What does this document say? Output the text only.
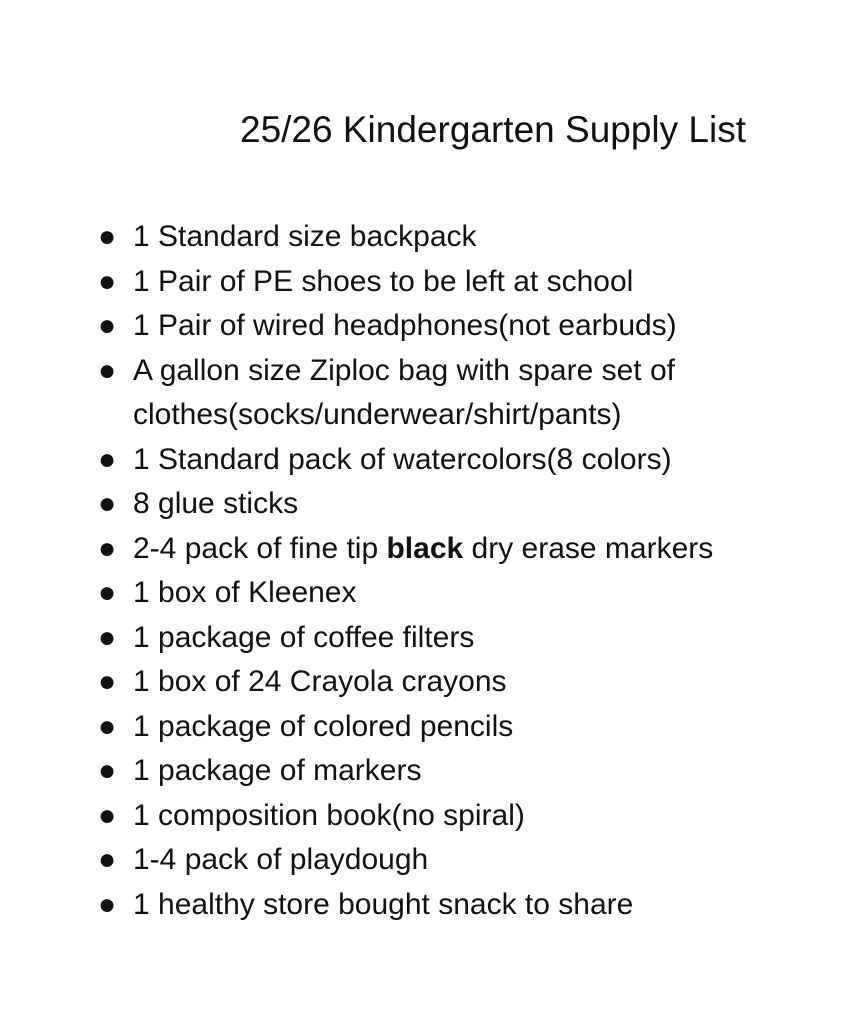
25/26 Kindergarten Supply List
● 1 Standard size backpack
● 1 Pair of PE shoes to be left at school
● 1 Pair of wired headphones(not earbuds)
● A gallon size Ziploc bag with spare set of
clothes(socks/underwear/shirt/pants)
● 1 Standard pack of watercolors(8 colors)
● 8 glue sticks
● 2-4 pack of fine tip black dry erase markers
● 1 box of Kleenex
● 1 package of coffee filters
● 1 box of 24 Crayola crayons
● 1 package of colored pencils
● 1 package of markers
● 1 composition book(no spiral)
● 1-4 pack of playdough
● 1 healthy store bought snack to share
